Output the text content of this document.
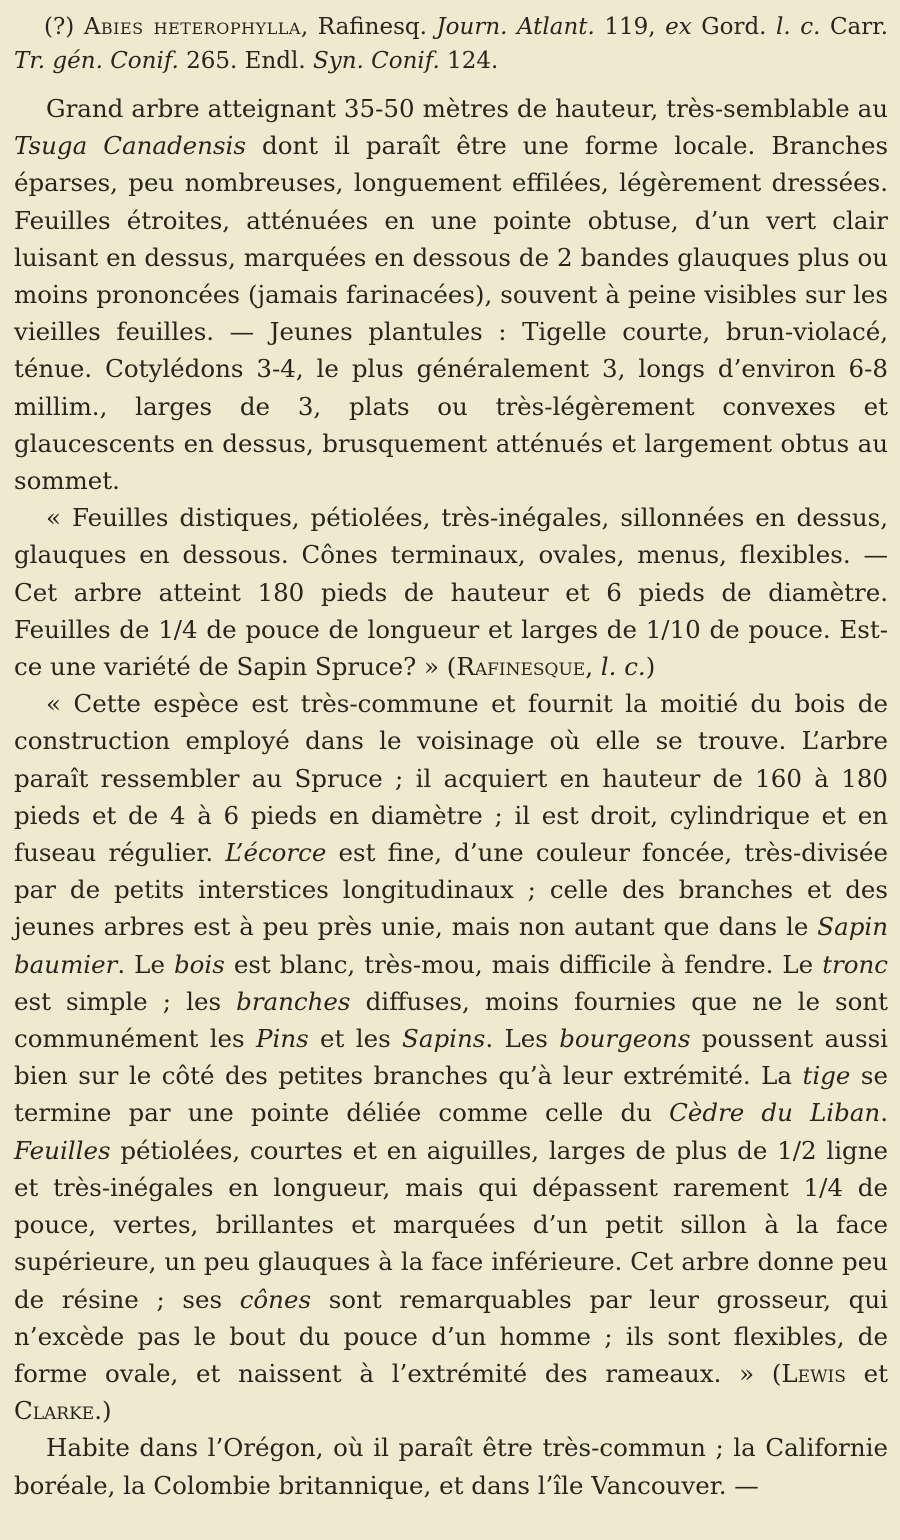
(?) Abies heterophylla, Rafinesq. Journ. Atlant. 119, ex Gord. l. c. Carr. Tr. gén. Conif. 265. Endl. Syn. Conif. 124.

Grand arbre atteignant 35-50 mètres de hauteur, très-semblable au Tsuga Canadensis dont il paraît être une forme locale. Branches éparses, peu nombreuses, longuement effilées, légèrement dressées. Feuilles étroites, atténuées en une pointe obtuse, d’un vert clair luisant en dessus, marquées en dessous de 2 bandes glauques plus ou moins prononcées (jamais farinacées), souvent à peine visibles sur les vieilles feuilles. — Jeunes plantules : Tigelle courte, brun-violacé, ténue. Cotylédons 3-4, le plus généralement 3, longs d’environ 6-8 millim., larges de 3, plats ou très-légèrement convexes et glaucescents en dessus, brusquement atténués et largement obtus au sommet.

« Feuilles distiques, pétiolées, très-inégales, sillonnées en dessus, glauques en dessous. Cônes terminaux, ovales, menus, flexibles. — Cet arbre atteint 180 pieds de hauteur et 6 pieds de diamètre. Feuilles de 1/4 de pouce de longueur et larges de 1/10 de pouce. Est-ce une variété de Sapin Spruce? » (Rafinesque, l. c.)

« Cette espèce est très-commune et fournit la moitié du bois de construction employé dans le voisinage où elle se trouve. L’arbre paraît ressembler au Spruce ; il acquiert en hauteur de 160 à 180 pieds et de 4 à 6 pieds en diamètre ; il est droit, cylindrique et en fuseau régulier. L’écorce est fine, d’une couleur foncée, très-divisée par de petits interstices longitudinaux ; celle des branches et des jeunes arbres est à peu près unie, mais non autant que dans le Sapin baumier. Le bois est blanc, très-mou, mais difficile à fendre. Le tronc est simple ; les branches diffuses, moins fournies que ne le sont communément les Pins et les Sapins. Les bourgeons poussent aussi bien sur le côté des petites branches qu’à leur extrémité. La tige se termine par une pointe déliée comme celle du Cèdre du Liban. Feuilles pétiolées, courtes et en aiguilles, larges de plus de 1/2 ligne et très-inégales en longueur, mais qui dépassent rarement 1/4 de pouce, vertes, brillantes et marquées d’un petit sillon à la face supérieure, un peu glauques à la face inférieure. Cet arbre donne peu de résine ; ses cônes sont remarquables par leur grosseur, qui n’excède pas le bout du pouce d’un homme ; ils sont flexibles, de forme ovale, et naissent à l’extrémité des rameaux. » (Lewis et Clarke.)

Habite dans l’Orégon, où il paraît être très-commun ; la Californie boréale, la Colombie britannique, et dans l’île Vancouver. —
